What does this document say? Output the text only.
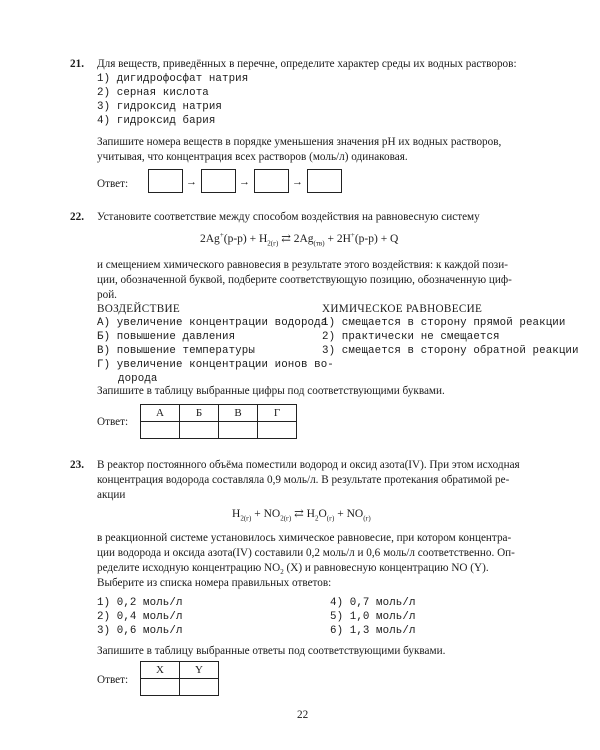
21. Для веществ, приведённых в перечне, определите характер среды их водных растворов:
1) дигидрофосфат натрия
2) серная кислота
3) гидроксид натрия
4) гидроксид бария
Запишите номера веществ в порядке уменьшения значения pH их водных растворов,
учитывая, что концентрация всех растворов (моль/л) одинаковая.
Ответ:	→	→	→
22. Установите соответствие между способом воздействия на равновесную систему
$2Ag^+(р-р) + H_{2(г)}$ ⇄ $2Ag_{(тв)} + 2H^+(р-р) + Q$
и смещением химического равновесия в результате этого воздействия: к каждой пози-
ции, обозначенной буквой, подберите соответствующую позицию, обозначенную циф-
рой.
ВОЗДЕЙСТВИЕ	ХИМИЧЕСКОЕ РАВНОВЕСИЕ
А) увеличение концентрации водорода
Б) повышение давления
В) повышение температуры
Г) увеличение концентрации ионов во-
дорода
1) смещается в сторону прямой реакции
2) практически не смещается
3) смещается в сторону обратной реакции
Запишите в таблицу выбранные цифры под соответствующими буквами.
Ответ:
А	Б	В	Г

23. В реактор постоянного объёма поместили водород и оксид азота(IV). При этом исходная
концентрация водорода составляла 0,9 моль/л. В результате протекания обратимой ре-
акции
$H_{2(г)} + NO_{2(г)}$ ⇄ $H_2O_{(г)} + NO_{(г)}$
в реакционной системе установилось химическое равновесие, при котором концентра-
ции водорода и оксида азота(IV) составили 0,2 моль/л и 0,6 моль/л соответственно. Оп-
ределите исходную концентрацию $NO_2$ (X) и равновесную концентрацию NO (Y).
Выберите из списка номера правильных ответов:
1) 0,2 моль/л
2) 0,4 моль/л
3) 0,6 моль/л
4) 0,7 моль/л
5) 1,0 моль/л
6) 1,3 моль/л
Запишите в таблицу выбранные ответы под соответствующими буквами.
Ответ:
X	Y

22
